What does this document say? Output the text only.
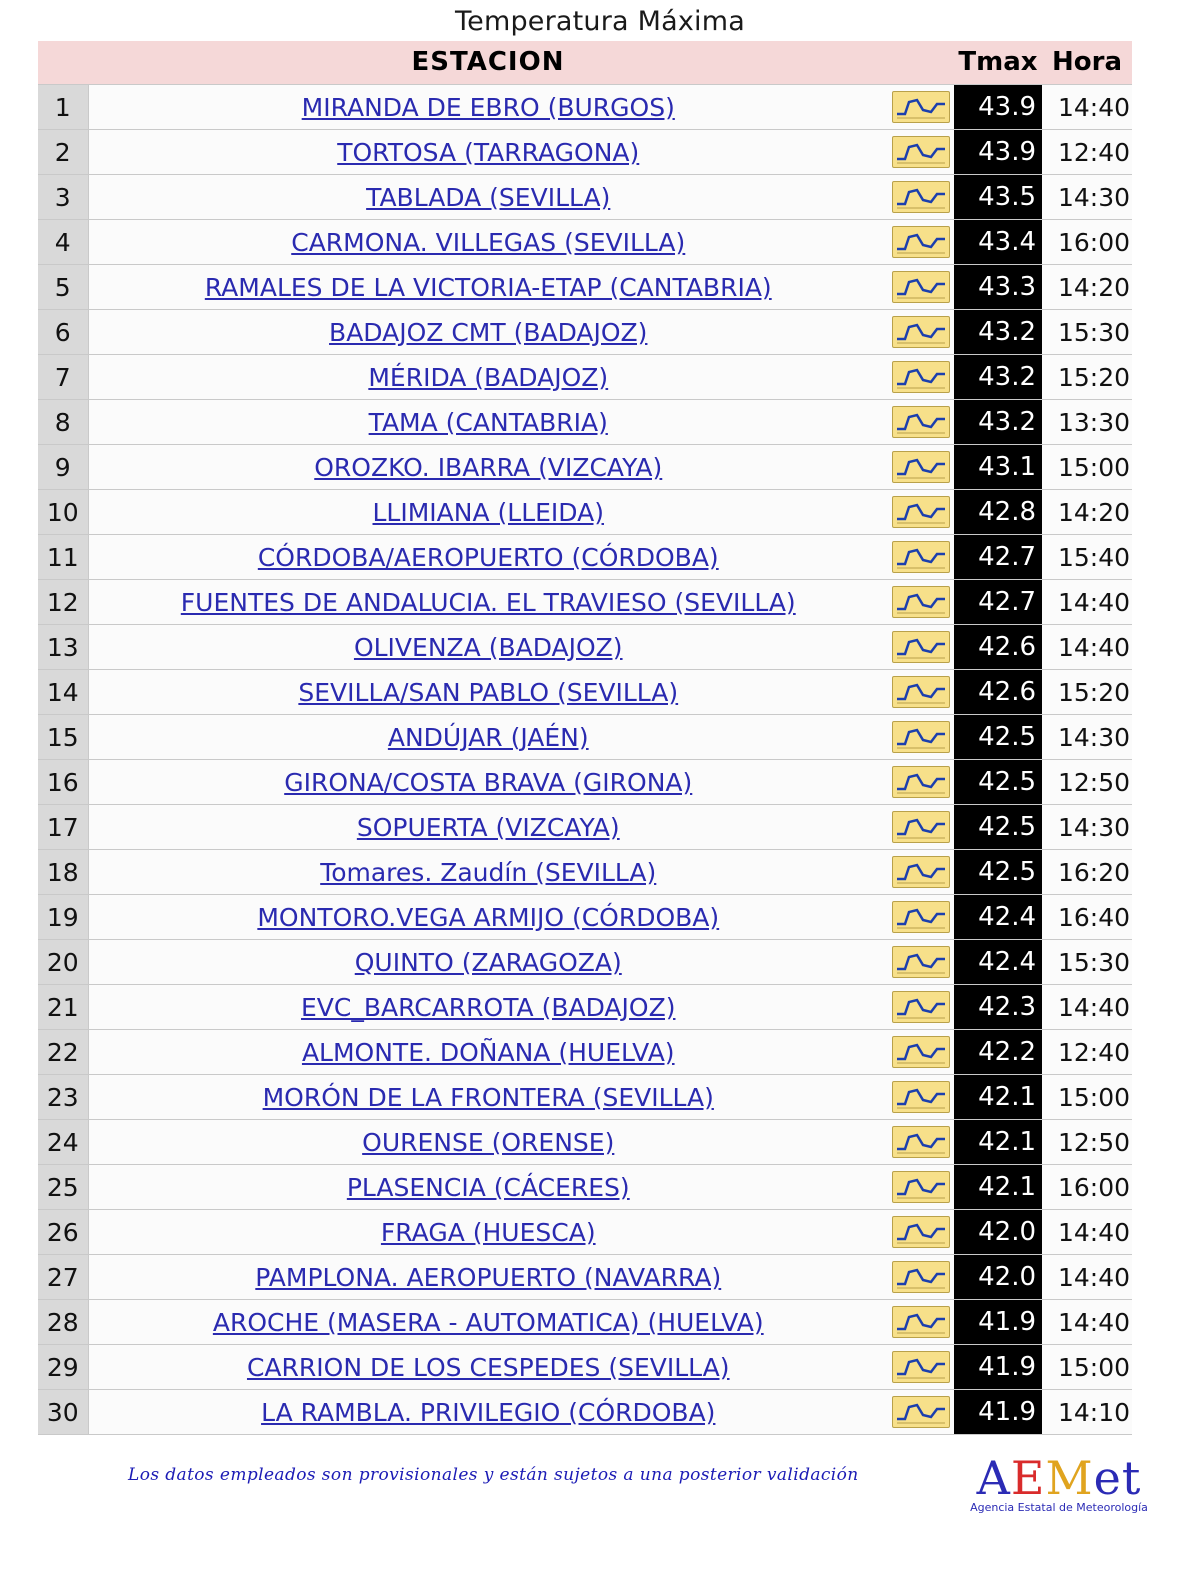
Temperatura Máxima
	ESTACION		Tmax	Hora
1	MIRANDA DE EBRO (BURGOS)		43.9	14:40
2	TORTOSA (TARRAGONA)		43.9	12:40
3	TABLADA (SEVILLA)		43.5	14:30
4	CARMONA. VILLEGAS (SEVILLA)		43.4	16:00
5	RAMALES DE LA VICTORIA-ETAP (CANTABRIA)		43.3	14:20
6	BADAJOZ CMT (BADAJOZ)		43.2	15:30
7	MÉRIDA (BADAJOZ)		43.2	15:20
8	TAMA (CANTABRIA)		43.2	13:30
9	OROZKO. IBARRA (VIZCAYA)		43.1	15:00
10	LLIMIANA (LLEIDA)		42.8	14:20
11	CÓRDOBA/AEROPUERTO (CÓRDOBA)		42.7	15:40
12	FUENTES DE ANDALUCIA. EL TRAVIESO (SEVILLA)		42.7	14:40
13	OLIVENZA (BADAJOZ)		42.6	14:40
14	SEVILLA/SAN PABLO (SEVILLA)		42.6	15:20
15	ANDÚJAR (JAÉN)		42.5	14:30
16	GIRONA/COSTA BRAVA (GIRONA)		42.5	12:50
17	SOPUERTA (VIZCAYA)		42.5	14:30
18	Tomares. Zaudín (SEVILLA)		42.5	16:20
19	MONTORO.VEGA ARMIJO (CÓRDOBA)		42.4	16:40
20	QUINTO (ZARAGOZA)		42.4	15:30
21	EVC_BARCARROTA (BADAJOZ)		42.3	14:40
22	ALMONTE. DOÑANA (HUELVA)		42.2	12:40
23	MORÓN DE LA FRONTERA (SEVILLA)		42.1	15:00
24	OURENSE (ORENSE)		42.1	12:50
25	PLASENCIA (CÁCERES)		42.1	16:00
26	FRAGA (HUESCA)		42.0	14:40
27	PAMPLONA. AEROPUERTO (NAVARRA)		42.0	14:40
28	AROCHE (MASERA - AUTOMATICA) (HUELVA)		41.9	14:40
29	CARRION DE LOS CESPEDES (SEVILLA)		41.9	15:00
30	LA RAMBLA. PRIVILEGIO (CÓRDOBA)		41.9	14:10
Los datos empleados son provisionales y están sujetos a una posterior validación	AEMet
Agencia Estatal de Meteorología
